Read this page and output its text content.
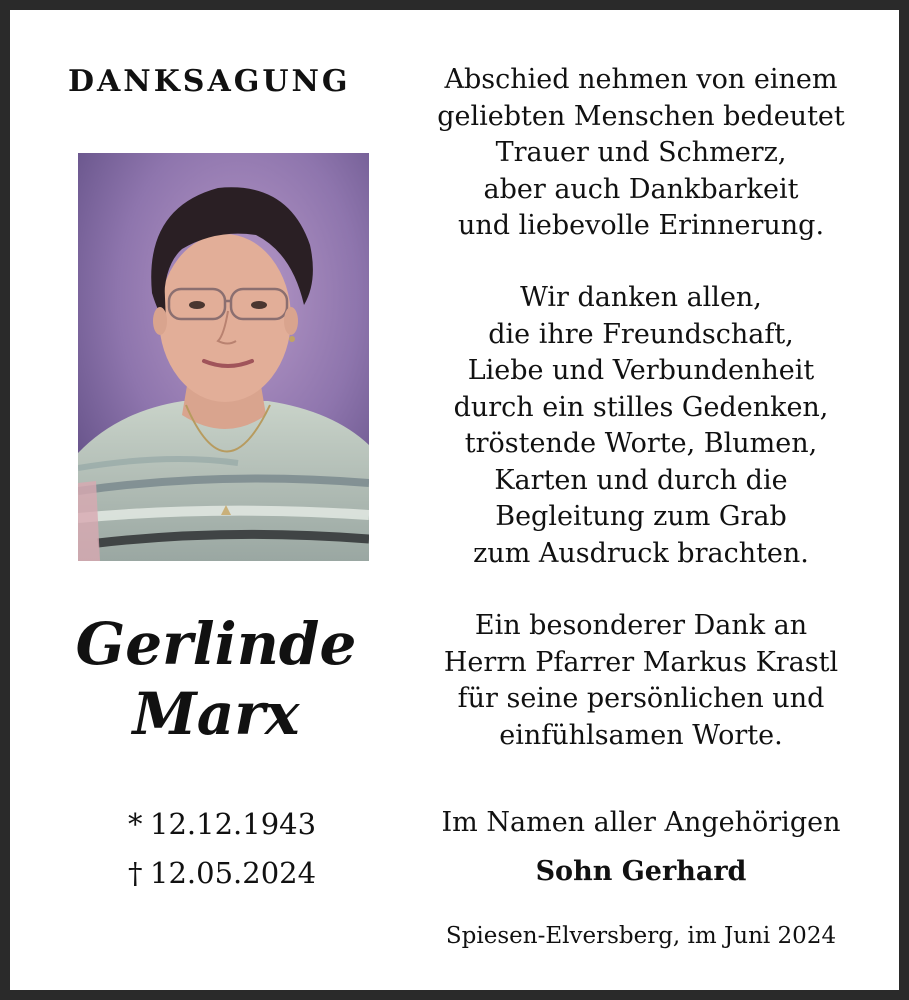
DANKSAGUNG
Gerlinde
Marx
* 12.12.1943
† 12.05.2024
Abschied nehmen von einem
geliebten Menschen bedeutet
Trauer und Schmerz,
aber auch Dankbarkeit
und liebevolle Erinnerung.
Wir danken allen,
die ihre Freundschaft,
Liebe und Verbundenheit
durch ein stilles Gedenken,
tröstende Worte, Blumen,
Karten und durch die
Begleitung zum Grab
zum Ausdruck brachten.
Ein besonderer Dank an
Herrn Pfarrer Markus Krastl
für seine persönlichen und
einfühlsamen Worte.
Im Namen aller Angehörigen
Sohn Gerhard
Spiesen-Elversberg, im Juni 2024
